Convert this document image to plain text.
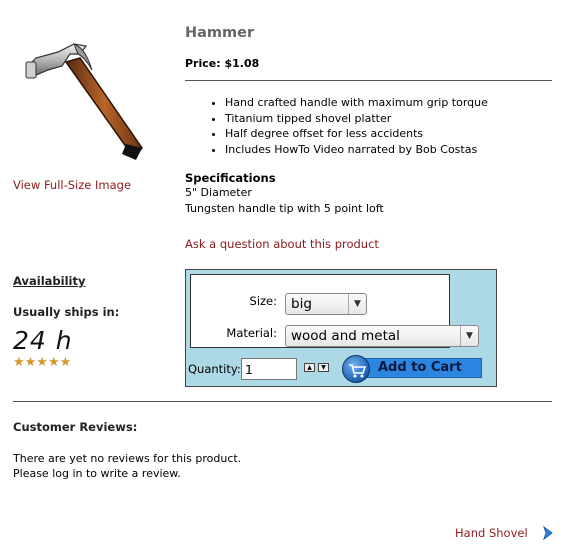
View Full-Size Image
Hammer
Price: $1.08
• Hand crafted handle with maximum grip torque
• Titanium tipped shovel platter
• Half degree offset for less accidents
• Includes HowTo Video narrated by Bob Costas
Specifications
5" Diameter
Tungsten handle tip with 5 point loft
Ask a question about this product
Availability
Usually ships in:
24 h
★★★★★
Size:	big	▼
Material:	wood and metal	▼
Quantity:
1	▲	▼	Add to Cart
Customer Reviews:
There are yet no reviews for this product.
Please log in to write a review.
Hand Shovel
